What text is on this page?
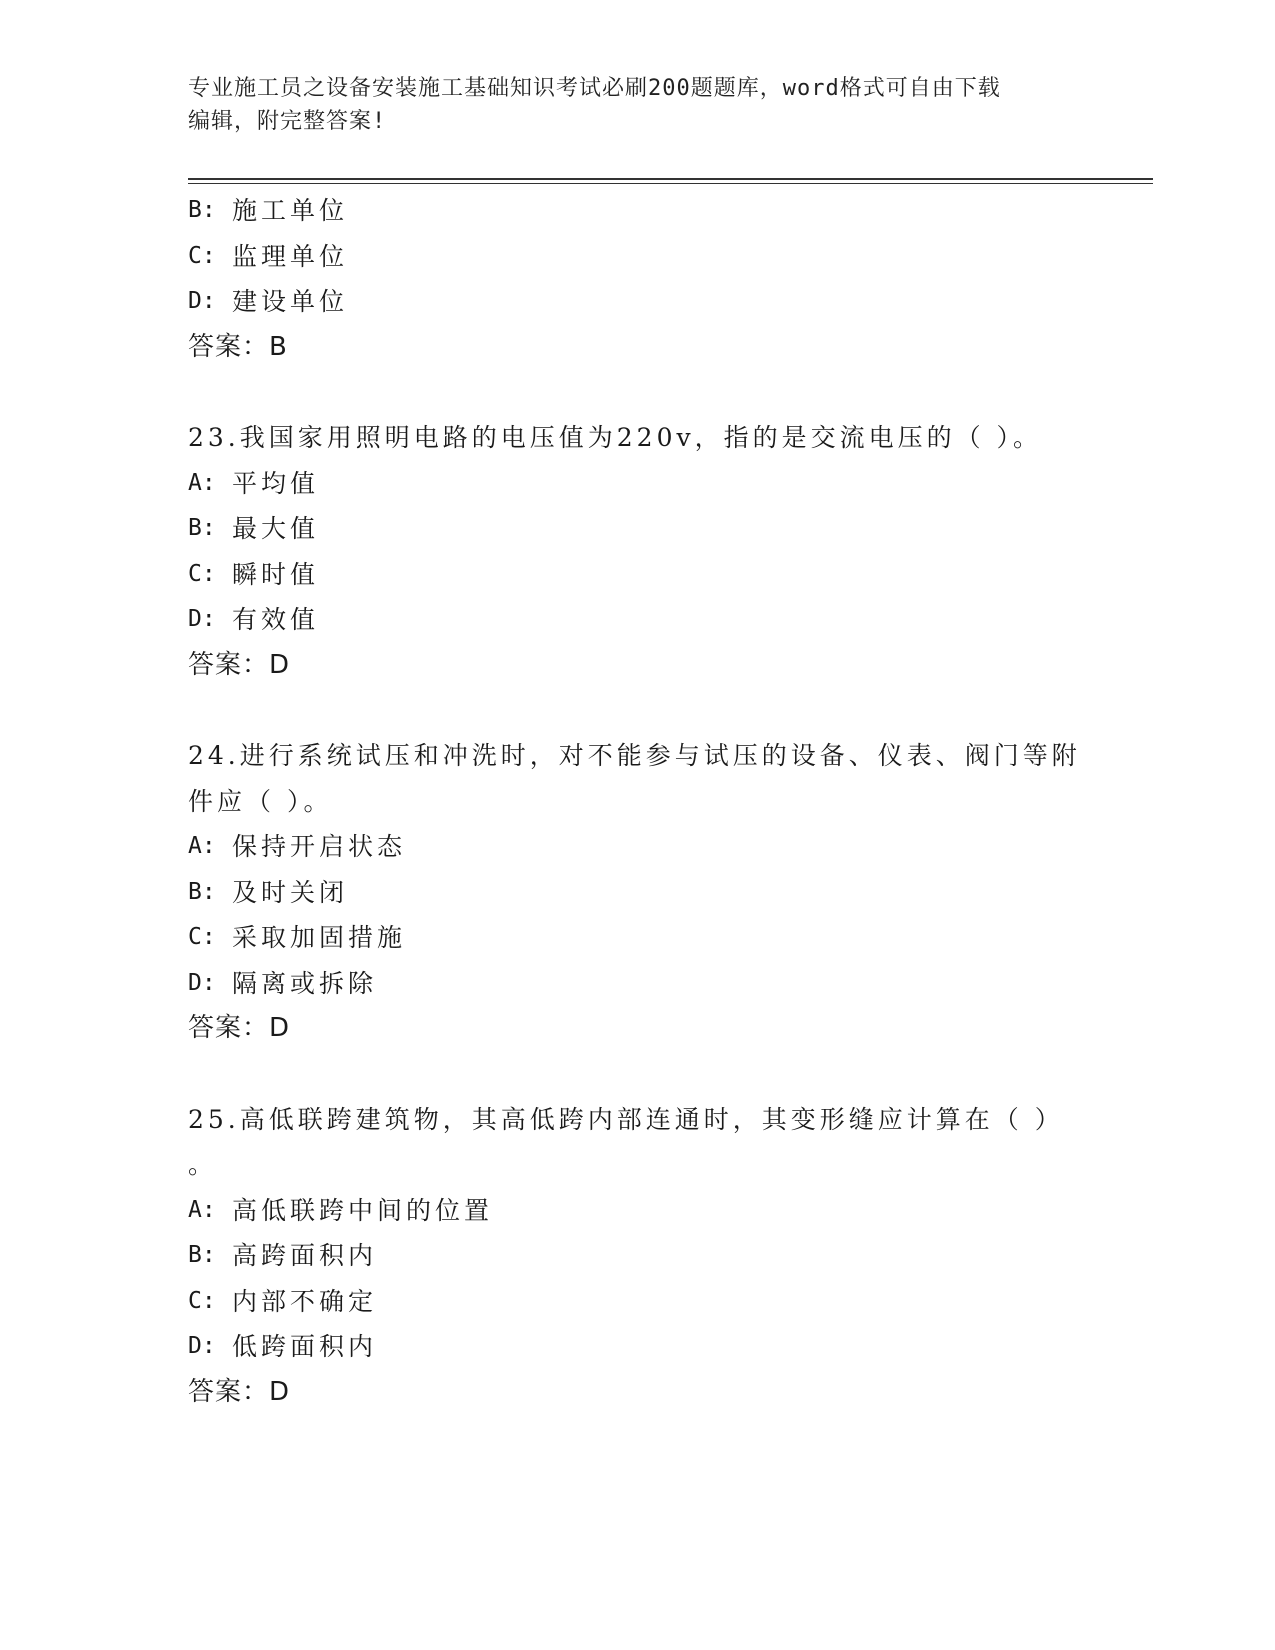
专业施工员之设备安装施工基础知识考试必刷200题题库，word格式可自由下载
编辑，附完整答案!
B: 施工单位
C: 监理单位
D: 建设单位
答案：B
23.我国家用照明电路的电压值为220v，指的是交流电压的（ ）。
A: 平均值
B: 最大值
C: 瞬时值
D: 有效值
答案：D
24.进行系统试压和冲洗时，对不能参与试压的设备、仪表、阀门等附
件应（ ）。
A: 保持开启状态
B: 及时关闭
C: 采取加固措施
D: 隔离或拆除
答案：D
25.高低联跨建筑物，其高低跨内部连通时，其变形缝应计算在（ ）
。
A: 高低联跨中间的位置
B: 高跨面积内
C: 内部不确定
D: 低跨面积内
答案：D
